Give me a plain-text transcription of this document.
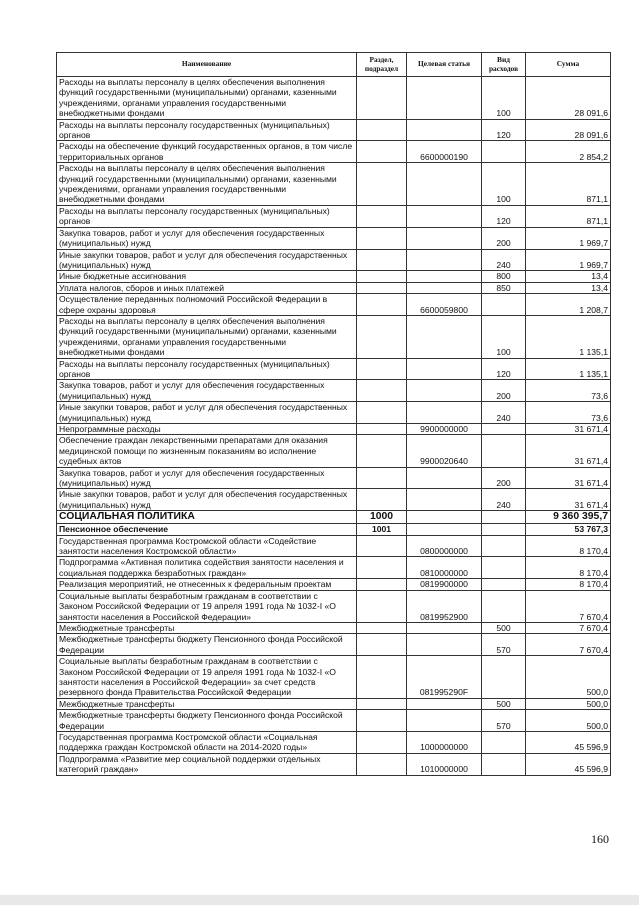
Наименование	Раздел, подраздел	Целевая статья	Вид расходов	Сумма
Расходы на выплаты персоналу в целях обеспечения выполнения функций государственными (муниципальными) органами, казенными учреждениями, органами управления государственными внебюджетными фондами			100	28 091,6
Расходы на выплаты персоналу государственных (муниципальных) органов			120	28 091,6
Расходы на обеспечение функций государственных органов, в том числе территориальных органов		6600000190		2 854,2
Расходы на выплаты персоналу в целях обеспечения выполнения функций государственными (муниципальными) органами, казенными учреждениями, органами управления государственными внебюджетными фондами			100	871,1
Расходы на выплаты персоналу государственных (муниципальных) органов			120	871,1
Закупка товаров, работ и услуг для обеспечения государственных (муниципальных) нужд			200	1 969,7
Иные закупки товаров, работ и услуг для обеспечения государственных (муниципальных) нужд			240	1 969,7
Иные бюджетные ассигнования			800	13,4
Уплата налогов, сборов и иных платежей			850	13,4
Осуществление переданных полномочий Российской Федерации в сфере охраны здоровья		6600059800		1 208,7
Расходы на выплаты персоналу в целях обеспечения выполнения функций государственными (муниципальными) органами, казенными учреждениями, органами управления государственными внебюджетными фондами			100	1 135,1
Расходы на выплаты персоналу государственных (муниципальных) органов			120	1 135,1
Закупка товаров, работ и услуг для обеспечения государственных (муниципальных) нужд			200	73,6
Иные закупки товаров, работ и услуг для обеспечения государственных (муниципальных) нужд			240	73,6
Непрограммные расходы		9900000000		31 671,4
Обеспечение граждан лекарственными препаратами для оказания медицинской помощи по жизненным показаниям во исполнение судебных актов		9900020640		31 671,4
Закупка товаров, работ и услуг для обеспечения государственных (муниципальных) нужд			200	31 671,4
Иные закупки товаров, работ и услуг для обеспечения государственных (муниципальных) нужд			240	31 671,4
СОЦИАЛЬНАЯ ПОЛИТИКА	1000			9 360 395,7
Пенсионное обеспечение	1001			53 767,3
Государственная программа Костромской области «Содействие занятости населения Костромской области»		0800000000		8 170,4
Подпрограмма «Активная политика содействия занятости населения и социальная поддержка безработных граждан»		0810000000		8 170,4
Реализация мероприятий, не отнесенных к федеральным проектам		0819900000		8 170,4
Социальные выплаты безработным гражданам в соответствии с Законом Российской Федерации от 19 апреля 1991 года № 1032-I «О занятости населения в Российской Федерации»		0819952900		7 670,4
Межбюджетные трансферты			500	7 670,4
Межбюджетные трансферты бюджету Пенсионного фонда Российской Федерации			570	7 670,4
Социальные выплаты безработным гражданам в соответствии с Законом Российской Федерации от 19 апреля 1991 года № 1032-I «О занятости населения в Российской Федерации» за счет средств резервного фонда Правительства Российской Федерации		081995290F		500,0
Межбюджетные трансферты			500	500,0
Межбюджетные трансферты бюджету Пенсионного фонда Российской Федерации			570	500,0
Государственная программа Костромской области «Социальная поддержка граждан Костромской области на 2014-2020 годы»		1000000000		45 596,9
Подпрограмма «Развитие мер социальной поддержки отдельных категорий граждан»		1010000000		45 596,9
160
